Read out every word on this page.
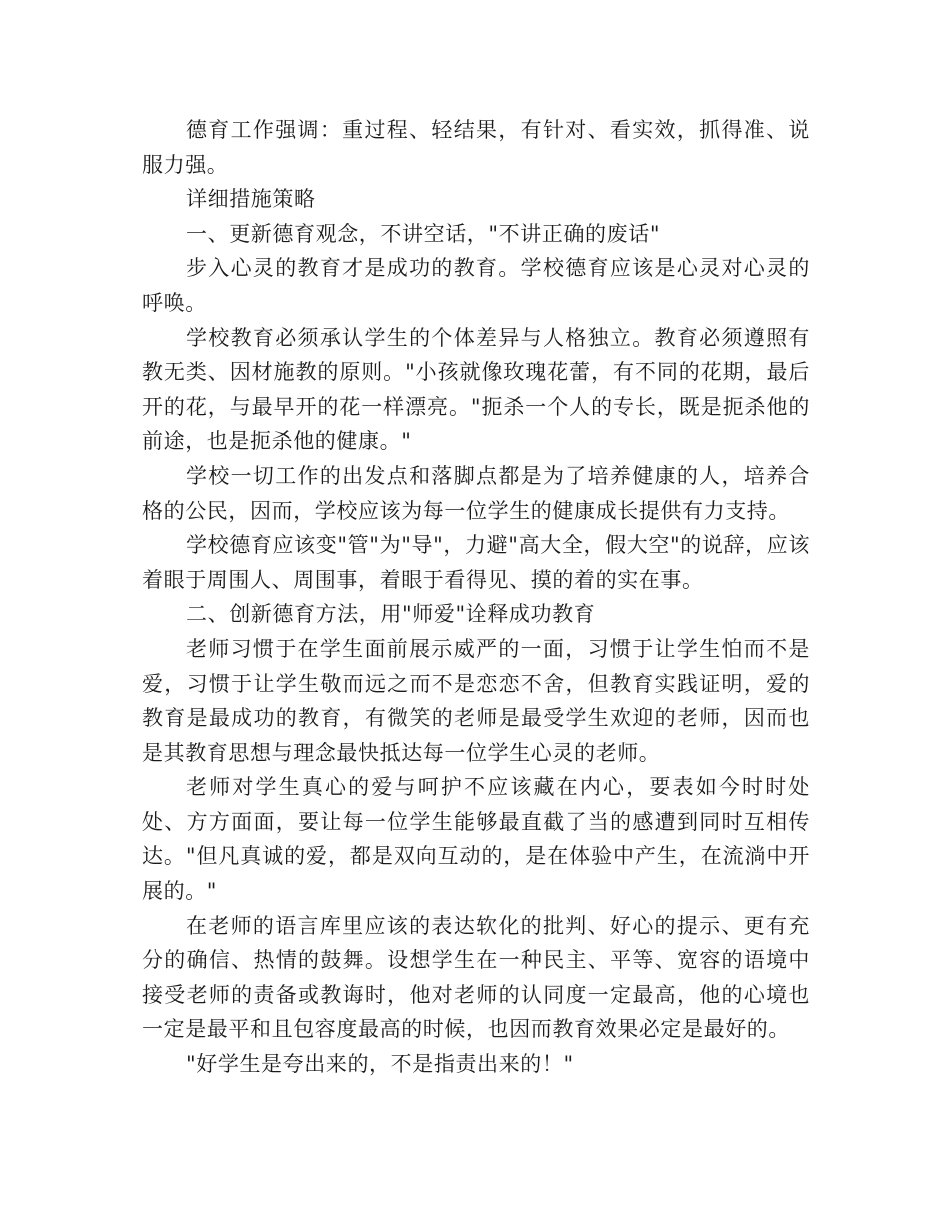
德育工作强调：重过程、轻结果，有针对、看实效，抓得准、说服力强。

详细措施策略

一、更新德育观念，不讲空话，"不讲正确的废话"

步入心灵的教育才是成功的教育。学校德育应该是心灵对心灵的呼唤。

学校教育必须承认学生的个体差异与人格独立。教育必须遵照有教无类、因材施教的原则。"小孩就像玫瑰花蕾，有不同的花期，最后开的花，与最早开的花一样漂亮。"扼杀一个人的专长，既是扼杀他的前途，也是扼杀他的健康。"

学校一切工作的出发点和落脚点都是为了培养健康的人，培养合格的公民，因而，学校应该为每一位学生的健康成长提供有力支持。

学校德育应该变"管"为"导"，力避"高大全，假大空"的说辞，应该着眼于周围人、周围事，着眼于看得见、摸的着的实在事。

二、创新德育方法，用"师爱"诠释成功教育

老师习惯于在学生面前展示威严的一面，习惯于让学生怕而不是爱，习惯于让学生敬而远之而不是恋恋不舍，但教育实践证明，爱的教育是最成功的教育，有微笑的老师是最受学生欢迎的老师，因而也是其教育思想与理念最快抵达每一位学生心灵的老师。

老师对学生真心的爱与呵护不应该藏在内心，要表如今时时处处、方方面面，要让每一位学生能够最直截了当的感遭到同时互相传达。"但凡真诚的爱，都是双向互动的，是在体验中产生，在流淌中开展的。"

在老师的语言库里应该的表达软化的批判、好心的提示、更有充分的确信、热情的鼓舞。设想学生在一种民主、平等、宽容的语境中接受老师的责备或教诲时，他对老师的认同度一定最高，他的心境也一定是最平和且包容度最高的时候，也因而教育效果必定是最好的。

"好学生是夸出来的，不是指责出来的！"
